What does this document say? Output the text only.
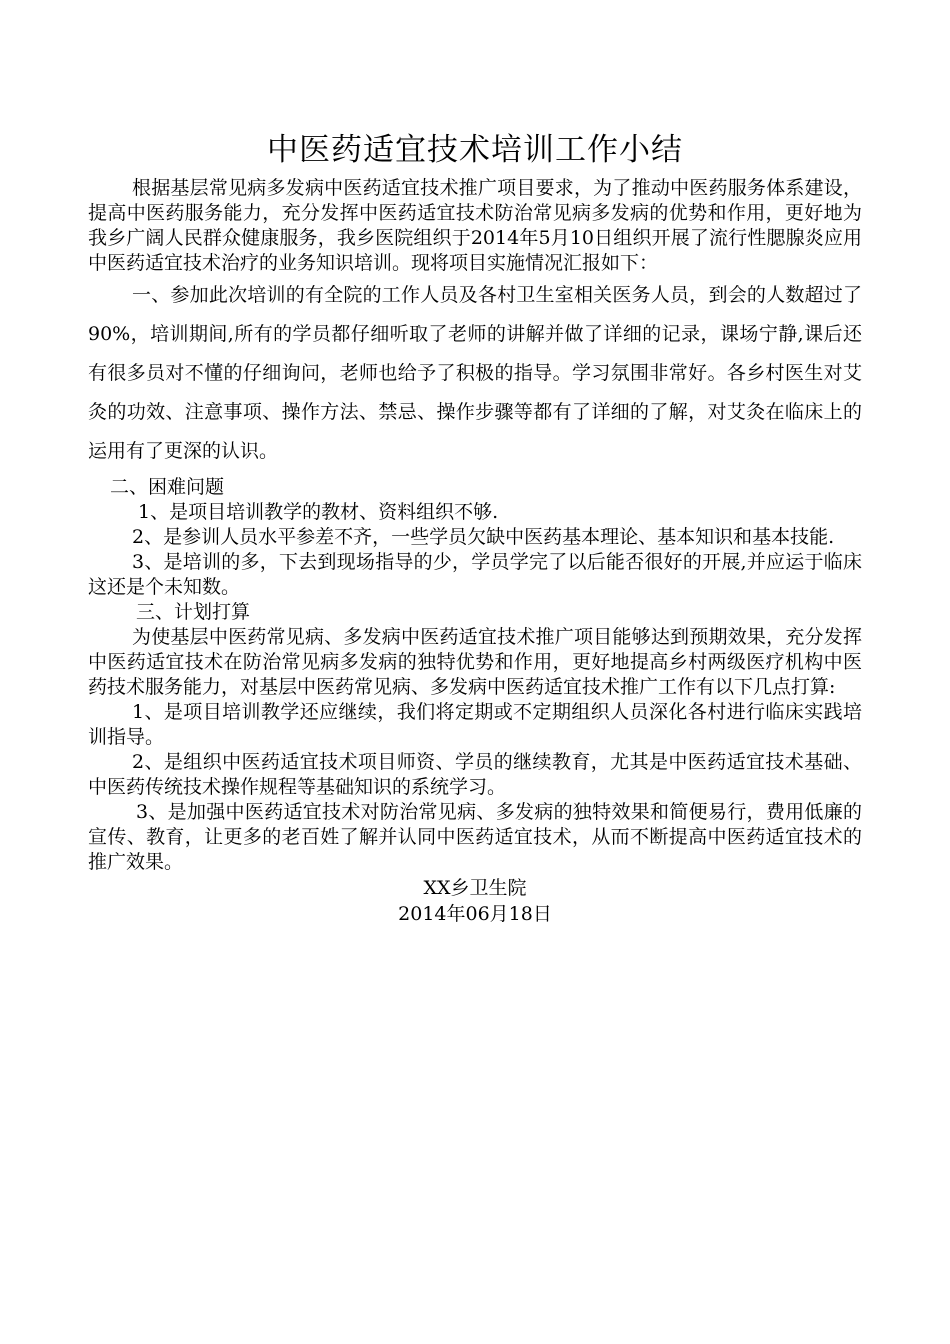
中医药适宜技术培训工作小结

根据基层常见病多发病中医药适宜技术推广项目要求，为了推动中医药服务体系建设，提高中医药服务能力，充分发挥中医药适宜技术防治常见病多发病的优势和作用，更好地为我乡广阔人民群众健康服务，我乡医院组织于2014年5月10日组织开展了流行性腮腺炎应用中医药适宜技术治疗的业务知识培训。现将项目实施情况汇报如下：

一、参加此次培训的有全院的工作人员及各村卫生室相关医务人员，到会的人数超过了90%，培训期间,所有的学员都仔细听取了老师的讲解并做了详细的记录，课场宁静,课后还有很多员对不懂的仔细询问，老师也给予了积极的指导。学习氛围非常好。各乡村医生对艾灸的功效、注意事项、操作方法、禁忌、操作步骤等都有了详细的了解，对艾灸在临床上的运用有了更深的认识。

二、困难问题

1、是项目培训教学的教材、资料组织不够.

2、是参训人员水平参差不齐，一些学员欠缺中医药基本理论、基本知识和基本技能.

3、是培训的多，下去到现场指导的少，学员学完了以后能否很好的开展,并应运于临床这还是个未知数。

三、计划打算

为使基层中医药常见病、多发病中医药适宜技术推广项目能够达到预期效果，充分发挥中医药适宜技术在防治常见病多发病的独特优势和作用，更好地提高乡村两级医疗机构中医药技术服务能力，对基层中医药常见病、多发病中医药适宜技术推广工作有以下几点打算:

1、是项目培训教学还应继续，我们将定期或不定期组织人员深化各村进行临床实践培训指导。

2、是组织中医药适宜技术项目师资、学员的继续教育，尤其是中医药适宜技术基础、中医药传统技术操作规程等基础知识的系统学习。

3、是加强中医药适宜技术对防治常见病、多发病的独特效果和简便易行，费用低廉的宣传、教育，让更多的老百姓了解并认同中医药适宜技术，从而不断提高中医药适宜技术的推广效果。

XX乡卫生院

2014年06月18日
